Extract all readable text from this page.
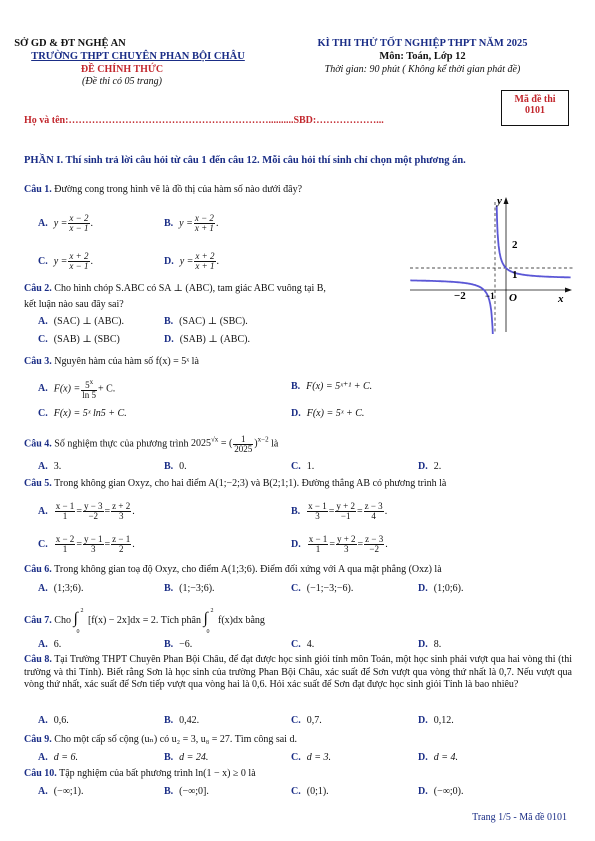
SỞ GD & ĐT NGHỆ AN
TRƯỜNG THPT CHUYÊN PHAN BỘI CHÂU
ĐỀ CHÍNH THỨC
(Đề thi có 05 trang)
KÌ THI THỬ TỐT NGHIỆP THPT NĂM 2025
Môn: Toán, Lớp 12
Thời gian: 90 phút ( Không kể thời gian phát đề)
Họ và tên:……………………………………………………..........SBD:………………...
Mã đề thi
0101
PHẦN I. Thí sinh trả lời câu hỏi từ câu 1 đến câu 12. Mỗi câu hỏi thí sinh chỉ chọn một phương án.
Câu 1. Đường cong trong hình vẽ là đồ thị của hàm số nào dưới đây?
A. $y = \frac{x - 2}{x - 1}$ .	B. $y = \frac{x - 2}{x + 1}$ .
C. $y = \frac{x + 2}{x - 1}$ .	D. $y = \frac{x + 2}{x + 1}$ .
y
x
O
−2 −1
1
2
Câu 2. Cho hình chóp S.ABC có SA ⊥ (ABC), tam giác ABC vuông tại B,
kết luận nào sau đây sai?
A. (SAC) ⊥ (ABC).	B. (SAC) ⊥ (SBC).
C. (SAB) ⊥ (SBC)	D. (SAB) ⊥ (ABC).
Câu 3. Nguyên hàm của hàm số f(x) = 5ˣ là
A. $F(x) = \frac{5^x}{\ln 5} + C$.	B. F(x) = 5ˣ⁺¹ + C.
C. F(x) = 5ˣ ln5 + C.	D. F(x) = 5ˣ + C.
Câu 4. Số nghiệm thực của phương trình $2025^{√x}$ = ( $\frac{1}{2025} )^{x-2}$ là
A. 3.	B. 0.	C. 1.	D. 2.
Câu 5. Trong không gian Oxyz, cho hai điểm A(1;−2;3) và B(2;1;1). Đường thẳng AB có phương trình là
A. $\frac{x - 1}{1} = \frac{y - 3}{-2} = \frac{z + 2}{3}$ .	B. $\frac{x - 1}{3} = \frac{y + 2}{-1} = \frac{z - 3}{4}$ .
C. $\frac{x - 2}{1} = \frac{y - 1}{3} = \frac{z - 1}{2}$ .	D. $\frac{x - 1}{1} = \frac{y + 2}{3} = \frac{z - 3}{-2}$ .
Câu 6. Trong không gian toạ độ Oxyz, cho điểm A(1;3;6). Điểm đối xứng với A qua mặt phẳng (Oxz) là
A. (1;3;6).	B. (1;−3;6).	C. (−1;−3;−6).	D. (1;0;6).
Câu 7. Cho ∫ 2
0
[f(x) − 2x]dx = 2. Tích phân ∫ 2
0
f(x)dx bằng
A. 6.	B. −6.	C. 4.	D. 8.
Câu 8. Tại Trường THPT Chuyên Phan Bội Châu, để đạt được học sinh giỏi tỉnh môn Toán, một học sinh phải vượt qua hai vòng thi (thi trường và thi Tỉnh). Biết rằng Sơn là học sinh của trường Phan Bội Châu, xác suất để Sơn vượt qua vòng thứ nhất là 0,7. Nếu vượt qua vòng thứ nhất, xác suất để Sơn tiếp vượt qua vòng hai là 0,6. Hỏi xác suất để Sơn đạt được học sinh giỏi Tỉnh là bao nhiêu?
A. 0,6.	B. 0,42.	C. 0,7.	D. 0,12.
Câu 9. Cho một cấp số cộng (uₙ) có u₂ = 3, u₈ = 27. Tìm công sai d.
A. d = 6.	B. d = 24.	C. d = 3.	D. d = 4.
Câu 10. Tập nghiệm của bất phương trình ln(1 − x) ≥ 0 là
A. (−∞;1).	B. (−∞;0].	C. (0;1).	D. (−∞;0).
Trang 1/5 - Mã đề 0101
